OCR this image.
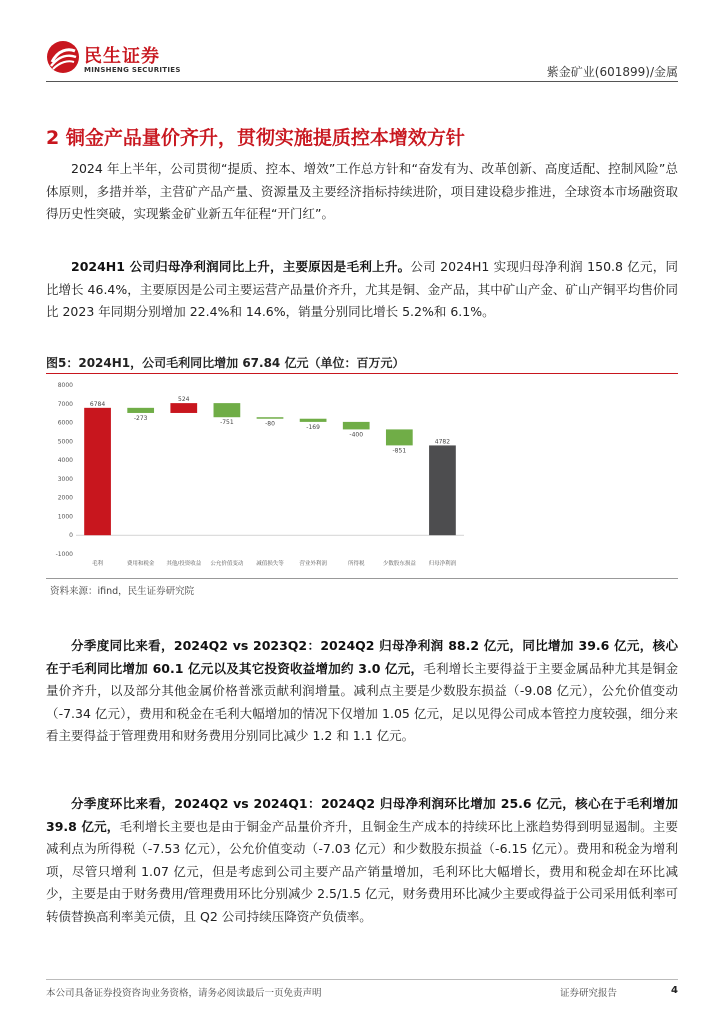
民生证券
MINSHENG SECURITIES	紫金矿业(601899)/金属
2 铜金产品量价齐升，贯彻实施提质控本增效方针

2024 年上半年，公司贯彻“提质、控本、增效”工作总方针和“奋发有为、改革创新、高度适配、控制风险”总体原则，多措并举，主营矿产品产量、资源量及主要经济指标持续进阶，项目建设稳步推进，全球资本市场融资取得历史性突破，实现紫金矿业新五年征程“开门红”。

2024H1 公司归母净利润同比上升，主要原因是毛利上升。公司 2024H1 实现归母净利润 150.8 亿元，同比增长 46.4%，主要原因是公司主要运营产品量价齐升，尤其是铜、金产品，其中矿山产金、矿山产铜平均售价同比 2023 年同期分别增加 22.4%和 14.6%，销量分别同比增长 5.2%和 6.1%。

图5：2024H1，公司毛利同比增加 67.84 亿元（单位：百万元）
-1000
0
1000
2000
3000
4000
5000
6000
7000
8000
6784
毛利
-273
费用和税金
524
其他/投资收益
-751
公允价值变动
-80
减值损失等
-169
营业外利润
-400
所得税
-851
少数股东损益
4782
归母净利润
资料来源：ifind，民生证券研究院

分季度同比来看，2024Q2 vs 2023Q2：2024Q2 归母净利润 88.2 亿元，同比增加 39.6 亿元，核心在于毛利同比增加 60.1 亿元以及其它投资收益增加约 3.0 亿元，毛利增长主要得益于主要金属品种尤其是铜金量价齐升，以及部分其他金属价格普涨贡献利润增量。减利点主要是少数股东损益（-9.08 亿元），公允价值变动（-7.34 亿元），费用和税金在毛利大幅增加的情况下仅增加 1.05 亿元，足以见得公司成本管控力度较强，细分来看主要得益于管理费用和财务费用分别同比减少 1.2 和 1.1 亿元。

分季度环比来看，2024Q2 vs 2024Q1：2024Q2 归母净利润环比增加 25.6 亿元，核心在于毛利增加 39.8 亿元，毛利增长主要也是由于铜金产品量价齐升，且铜金生产成本的持续环比上涨趋势得到明显遏制。主要减利点为所得税（-7.53 亿元），公允价值变动（-7.03 亿元）和少数股东损益（-6.15 亿元）。费用和税金为增利项，尽管只增利 1.07 亿元，但是考虑到公司主要产品产销量增加，毛利环比大幅增长，费用和税金却在环比减少，主要是由于财务费用/管理费用环比分别减少 2.5/1.5 亿元，财务费用环比减少主要或得益于公司采用低利率可转债替换高利率美元债，且 Q2 公司持续压降资产负债率。

本公司具备证券投资咨询业务资格，请务必阅读最后一页免责声明	证券研究报告	4
